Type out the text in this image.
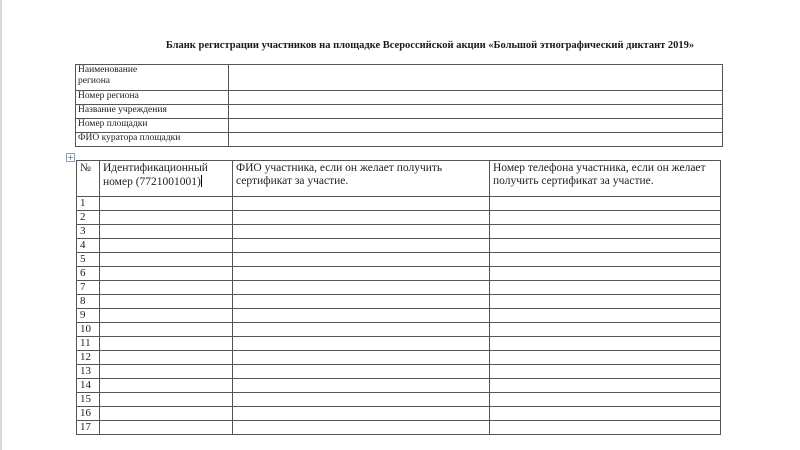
Бланк регистрации участников на площадке Всероссийской акции «Большой этнографический диктант 2019»
Наименование
региона	
Номер региона	
Название учреждения	
Номер площадки	
ФИО куратора площадки	
+
№	Идентификационный номер (7721001001)	ФИО участника, если он желает получить сертификат за участие.	Номер телефона участника, если он желает получить сертификат за участие.
1			
2			
3			
4			
5			
6			
7			
8			
9			
10			
11			
12			
13			
14			
15			
16			
17			
